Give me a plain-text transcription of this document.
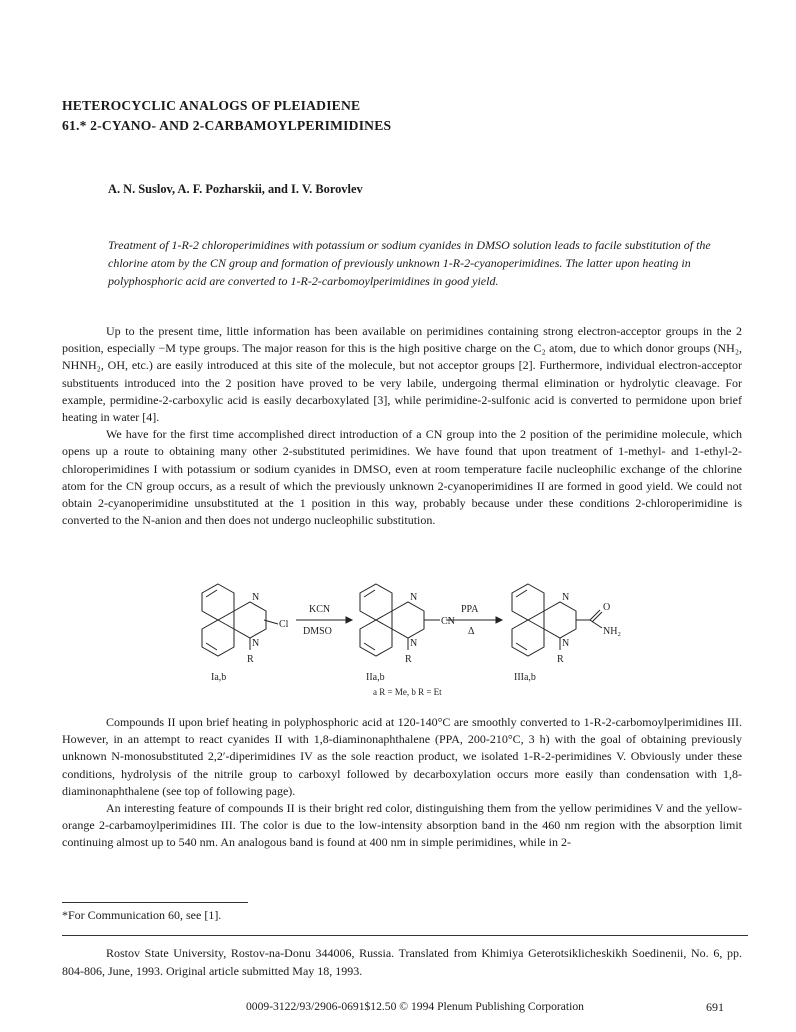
HETEROCYCLIC ANALOGS OF PLEIADIENE
61.* 2-CYANO- AND 2-CARBAMOYLPERIMIDINES
A. N. Suslov, A. F. Pozharskii, and I. V. Borovlev
Treatment of 1-R-2 chloroperimidines with potassium or sodium cyanides in DMSO solution leads to facile substitution of the chlorine atom by the CN group and formation of previously unknown 1-R-2-cyanoperimidines. The latter upon heating in polyphosphoric acid are converted to 1-R-2-carbomoylperimidines in good yield.

Up to the present time, little information has been available on perimidines containing strong electron-acceptor groups in the 2 position, especially −M type groups. The major reason for this is the high positive charge on the C₂ atom, due to which donor groups (NH₂, NHNH₂, OH, etc.) are easily introduced at this site of the molecule, but not acceptor groups [2]. Furthermore, individual electron-acceptor substituents introduced into the 2 position have proved to be very labile, undergoing thermal elimination or hydrolytic cleavage. For example, permidine-2-carboxylic acid is easily decarboxylated [3], while perimidine-2-sulfonic acid is converted to permidone upon brief heating in water [4].

We have for the first time accomplished direct introduction of a CN group into the 2 position of the perimidine molecule, which opens up a route to obtaining many other 2-substituted perimidines. We have found that upon treatment of 1-methyl- and 1-ethyl-2-chloroperimidines I with potassium or sodium cyanides in DMSO, even at room temperature facile nucleophilic exchange of the chlorine atom for the CN group occurs, as a result of which the previously unknown 2-cyanoperimidines II are formed in good yield. We could not obtain 2-cyanoperimidine unsubstituted at the 1 position in this way, probably because under these conditions 2-chloroperimidine is converted to the N-anion and then does not undergo nucleophilic substitution.

N
N
R
Cl
N
N
R
CN
N
N
R
O
NH₂
KCN
DMSO
PPA
Δ
Ia,b	IIa,b	IIIa,b
a R = Me, b R = Et

Compounds II upon brief heating in polyphosphoric acid at 120-140°C are smoothly converted to 1-R-2-carbomoylperimidines III. However, in an attempt to react cyanides II with 1,8-diaminonaphthalene (PPA, 200-210°C, 3 h) with the goal of obtaining previously unknown N-monosubstituted 2,2′-diperimidines IV as the sole reaction product, we isolated 1-R-2-perimidines V. Obviously under these conditions, hydrolysis of the nitrile group to carboxyl followed by decarboxylation occurs more easily than condensation with 1,8-diaminonaphthalene (see top of following page).

An interesting feature of compounds II is their bright red color, distinguishing them from the yellow perimidines V and the yellow-orange 2-carbamoylperimidines III. The color is due to the low-intensity absorption band in the 460 nm region with the absorption limit continuing almost up to 540 nm. An analogous band is found at 400 nm in simple perimidines, while in 2-

*For Communication 60, see [1].
Rostov State University, Rostov-na-Donu 344006, Russia. Translated from Khimiya Geterotsiklicheskikh Soedinenii, No. 6, pp. 804-806, June, 1993. Original article submitted May 18, 1993.
0009-3122/93/2906-0691$12.50 © 1994 Plenum Publishing Corporation	691
